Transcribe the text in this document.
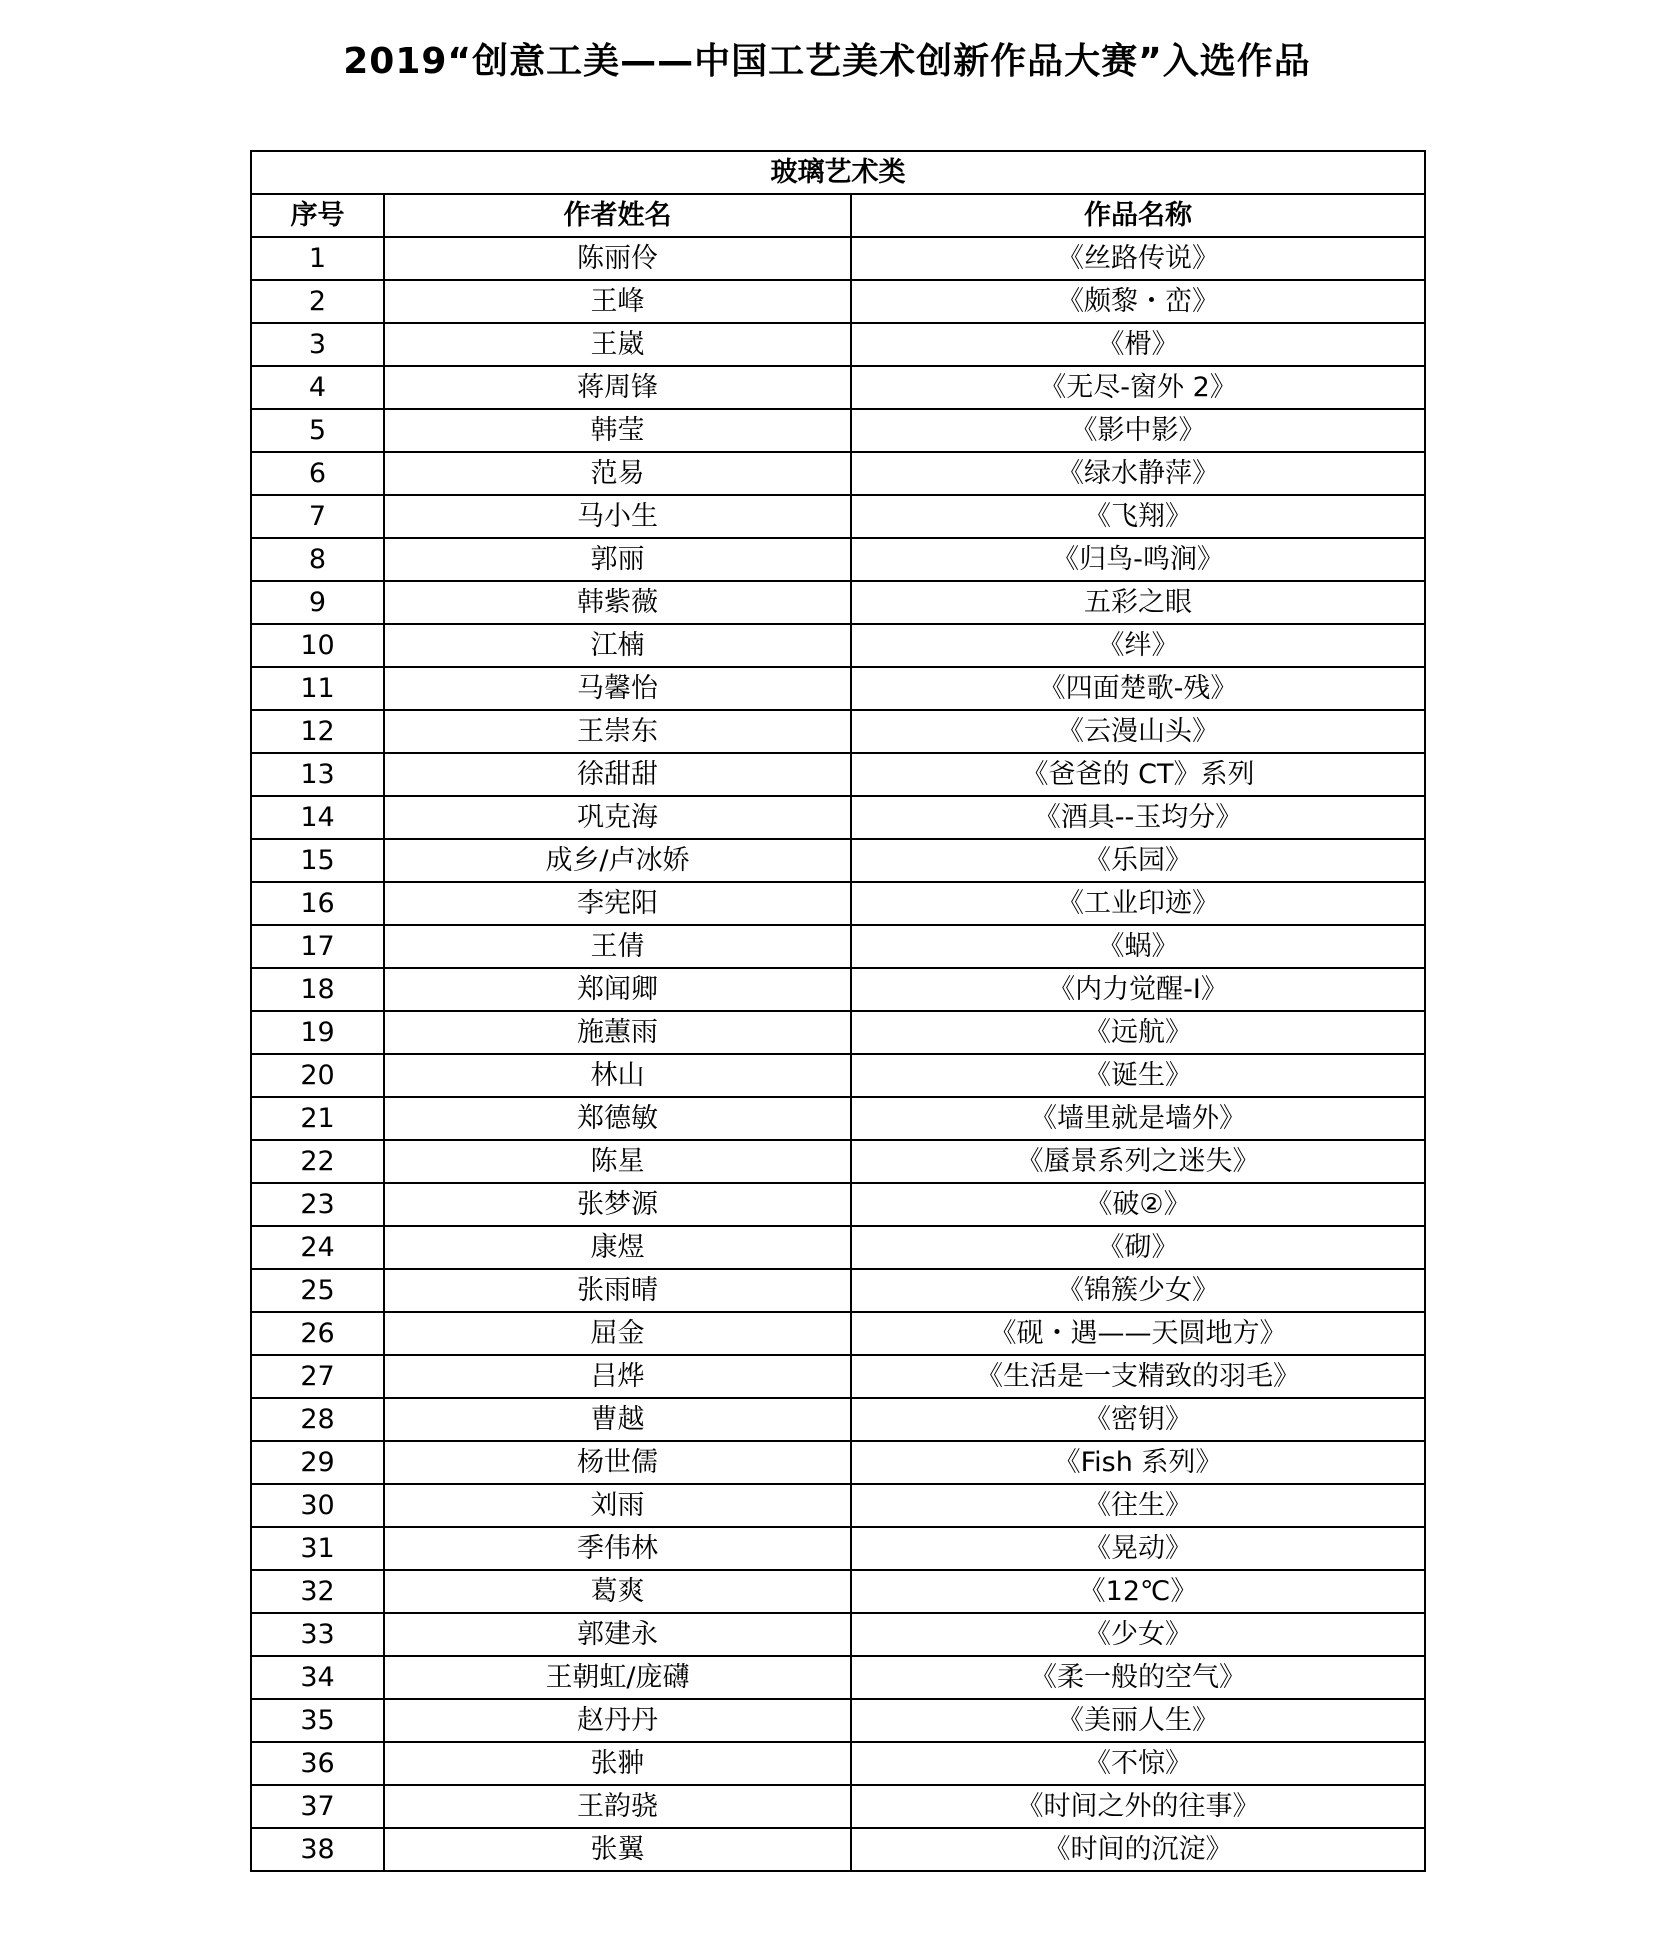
2019“创意工美——中国工艺美术创新作品大赛”入选作品
玻璃艺术类		
序号	作者姓名	作品名称
1	陈丽伶	《丝路传说》
2	王峰	《颇黎・峦》
3	王崴	《榾》
4	蒋周锋	《无尽-窗外 2》
5	韩莹	《影中影》
6	范易	《绿水静萍》
7	马小生	《飞翔》
8	郭丽	《归鸟-鸣涧》
9	韩紫薇	五彩之眼
10	江楠	《绊》
11	马馨怡	《四面楚歌-残》
12	王崇东	《云漫山头》
13	徐甜甜	《爸爸的 CT》系列
14	巩克海	《酒具--玉均分》
15	成乡/卢冰娇	《乐园》
16	李宪阳	《工业印迹》
17	王倩	《蜗》
18	郑闻卿	《内力觉醒-I》
19	施蕙雨	《远航》
20	林山	《诞生》
21	郑德敏	《墙里就是墙外》
22	陈星	《蜃景系列之迷失》
23	张梦源	《破②》
24	康煜	《砌》
25	张雨晴	《锦簇少女》
26	屈金	《砚・遇——天圆地方》
27	吕烨	《生活是一支精致的羽毛》
28	曹越	《密钥》
29	杨世儒	《Fish 系列》
30	刘雨	《往生》
31	季伟林	《晃动》
32	葛爽	《12℃》
33	郭建永	《少女》
34	王朝虹/庞礴	《柔一般的空气》
35	赵丹丹	《美丽人生》
36	张翀	《不惊》
37	王韵骁	《时间之外的往事》
38	张翼	《时间的沉淀》
